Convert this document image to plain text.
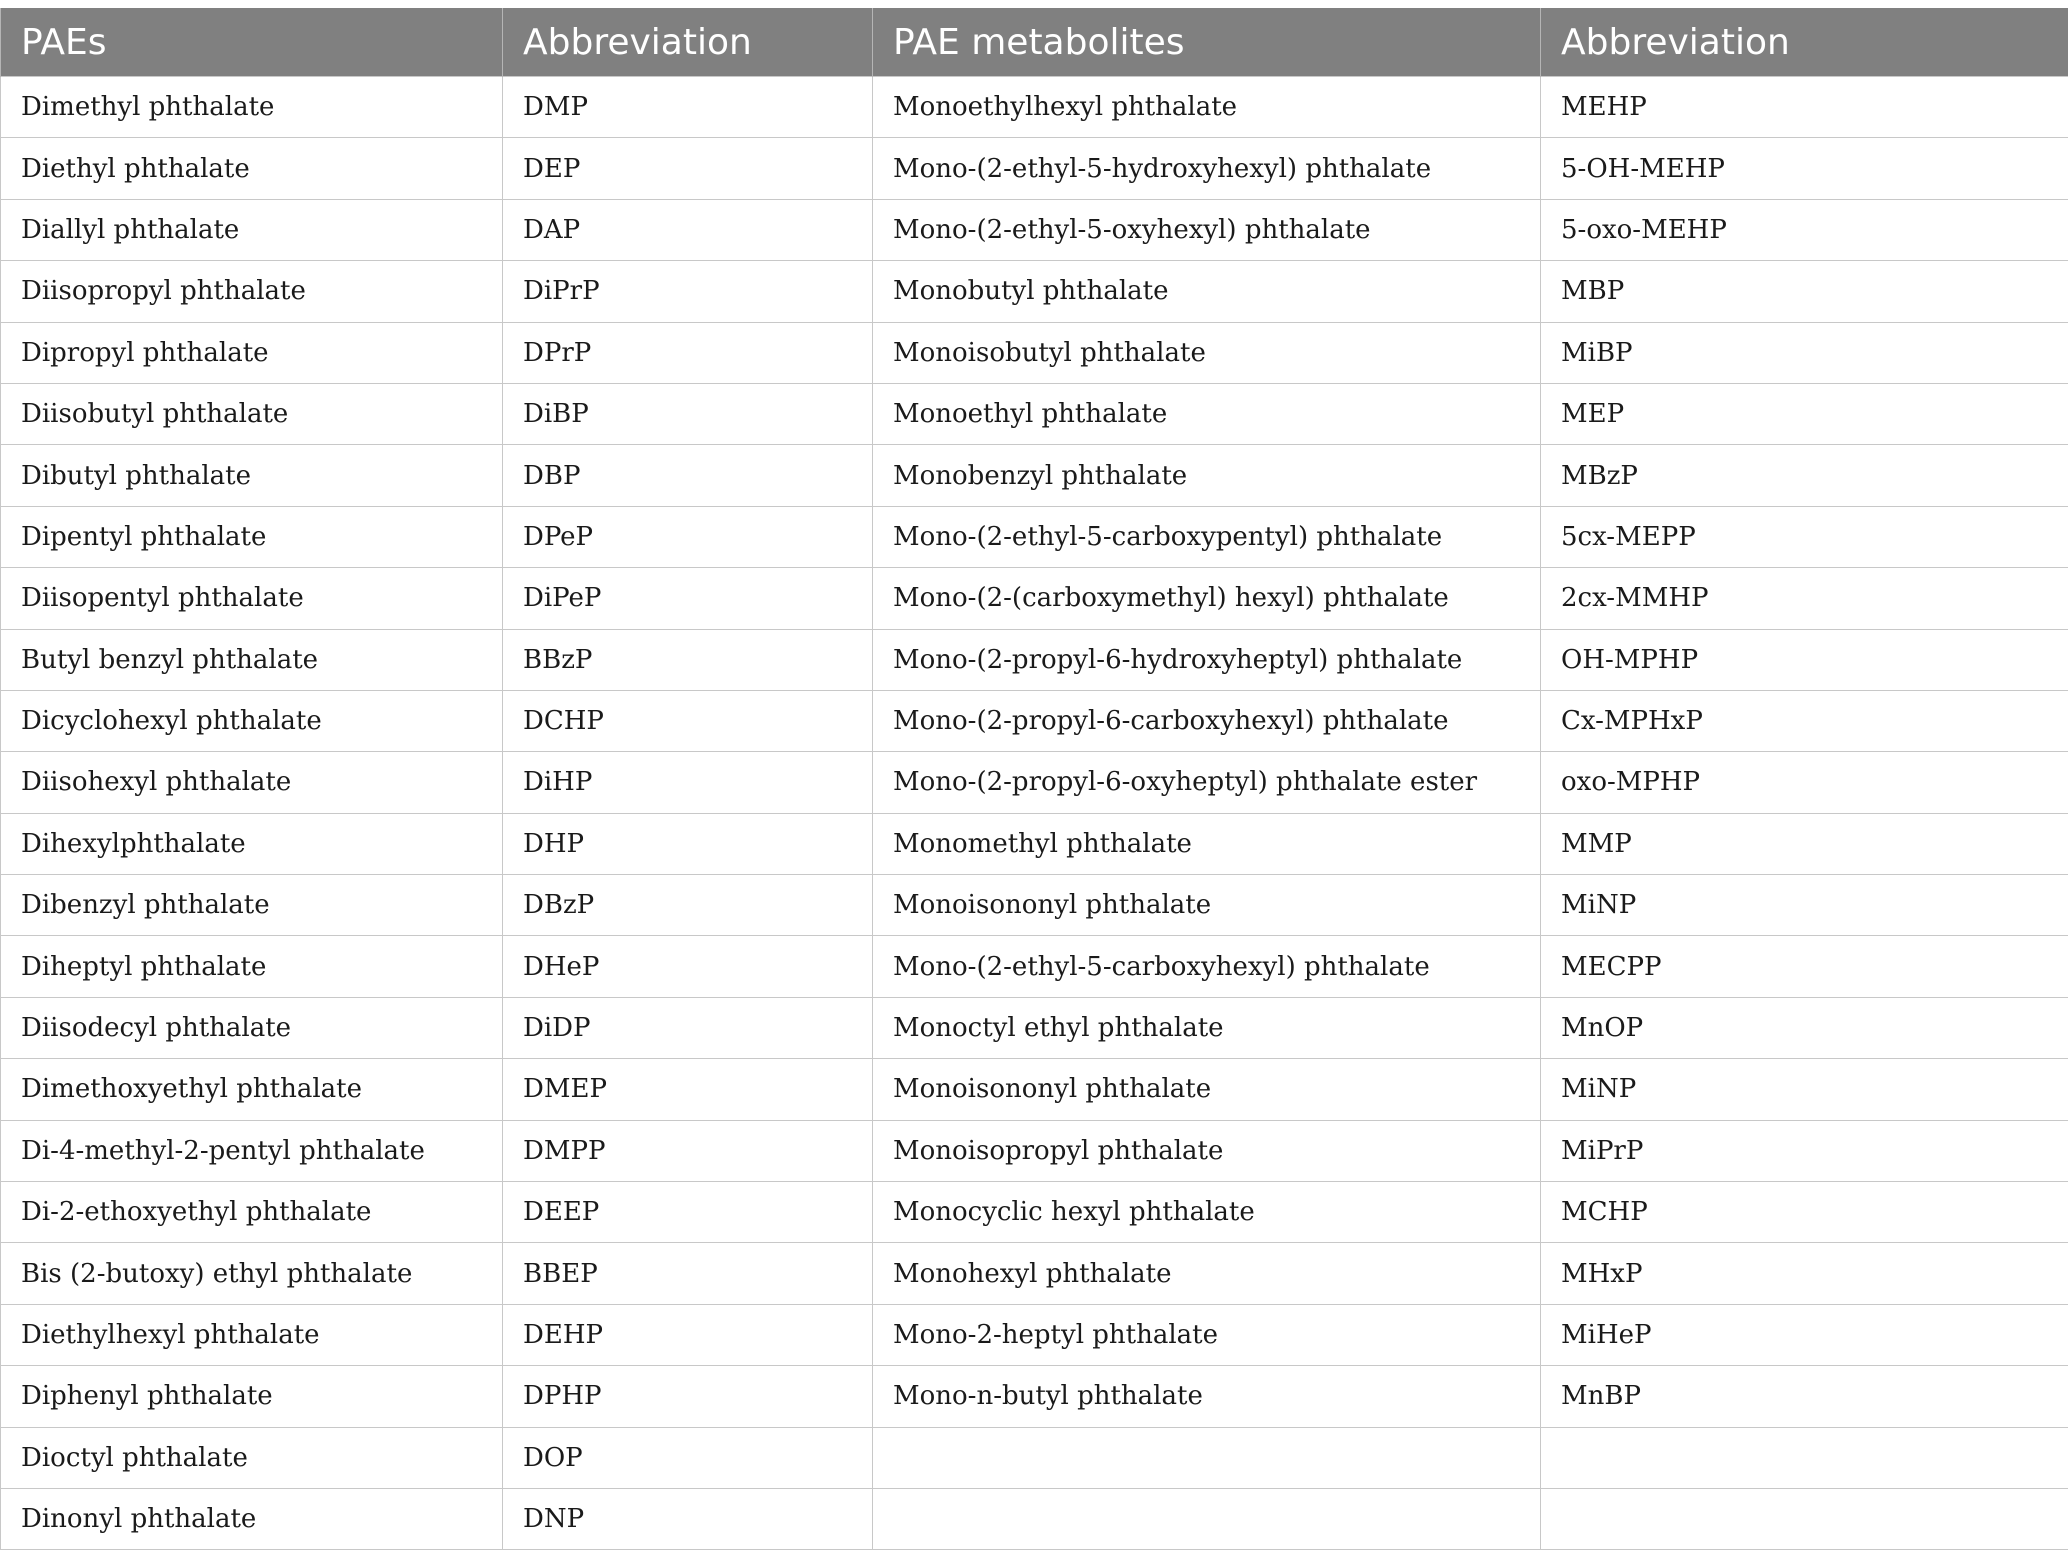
PAEs	Abbreviation	PAE metabolites	Abbreviation
Dimethyl phthalate	DMP	Monoethylhexyl phthalate	MEHP
Diethyl phthalate	DEP	Mono-(2-ethyl-5-hydroxyhexyl) phthalate	5-OH-MEHP
Diallyl phthalate	DAP	Mono-(2-ethyl-5-oxyhexyl) phthalate	5-oxo-MEHP
Diisopropyl phthalate	DiPrP	Monobutyl phthalate	MBP
Dipropyl phthalate	DPrP	Monoisobutyl phthalate	MiBP
Diisobutyl phthalate	DiBP	Monoethyl phthalate	MEP
Dibutyl phthalate	DBP	Monobenzyl phthalate	MBzP
Dipentyl phthalate	DPeP	Mono-(2-ethyl-5-carboxypentyl) phthalate	5cx-MEPP
Diisopentyl phthalate	DiPeP	Mono-(2-(carboxymethyl) hexyl) phthalate	2cx-MMHP
Butyl benzyl phthalate	BBzP	Mono-(2-propyl-6-hydroxyheptyl) phthalate	OH-MPHP
Dicyclohexyl phthalate	DCHP	Mono-(2-propyl-6-carboxyhexyl) phthalate	Cx-MPHxP
Diisohexyl phthalate	DiHP	Mono-(2-propyl-6-oxyheptyl) phthalate ester	oxo-MPHP
Dihexylphthalate	DHP	Monomethyl phthalate	MMP
Dibenzyl phthalate	DBzP	Monoisononyl phthalate	MiNP
Diheptyl phthalate	DHeP	Mono-(2-ethyl-5-carboxyhexyl) phthalate	MECPP
Diisodecyl phthalate	DiDP	Monoctyl ethyl phthalate	MnOP
Dimethoxyethyl phthalate	DMEP	Monoisononyl phthalate	MiNP
Di-4-methyl-2-pentyl phthalate	DMPP	Monoisopropyl phthalate	MiPrP
Di-2-ethoxyethyl phthalate	DEEP	Monocyclic hexyl phthalate	MCHP
Bis (2-butoxy) ethyl phthalate	BBEP	Monohexyl phthalate	MHxP
Diethylhexyl phthalate	DEHP	Mono-2-heptyl phthalate	MiHeP
Diphenyl phthalate	DPHP	Mono-n-butyl phthalate	MnBP
Dioctyl phthalate	DOP		
Dinonyl phthalate	DNP		
